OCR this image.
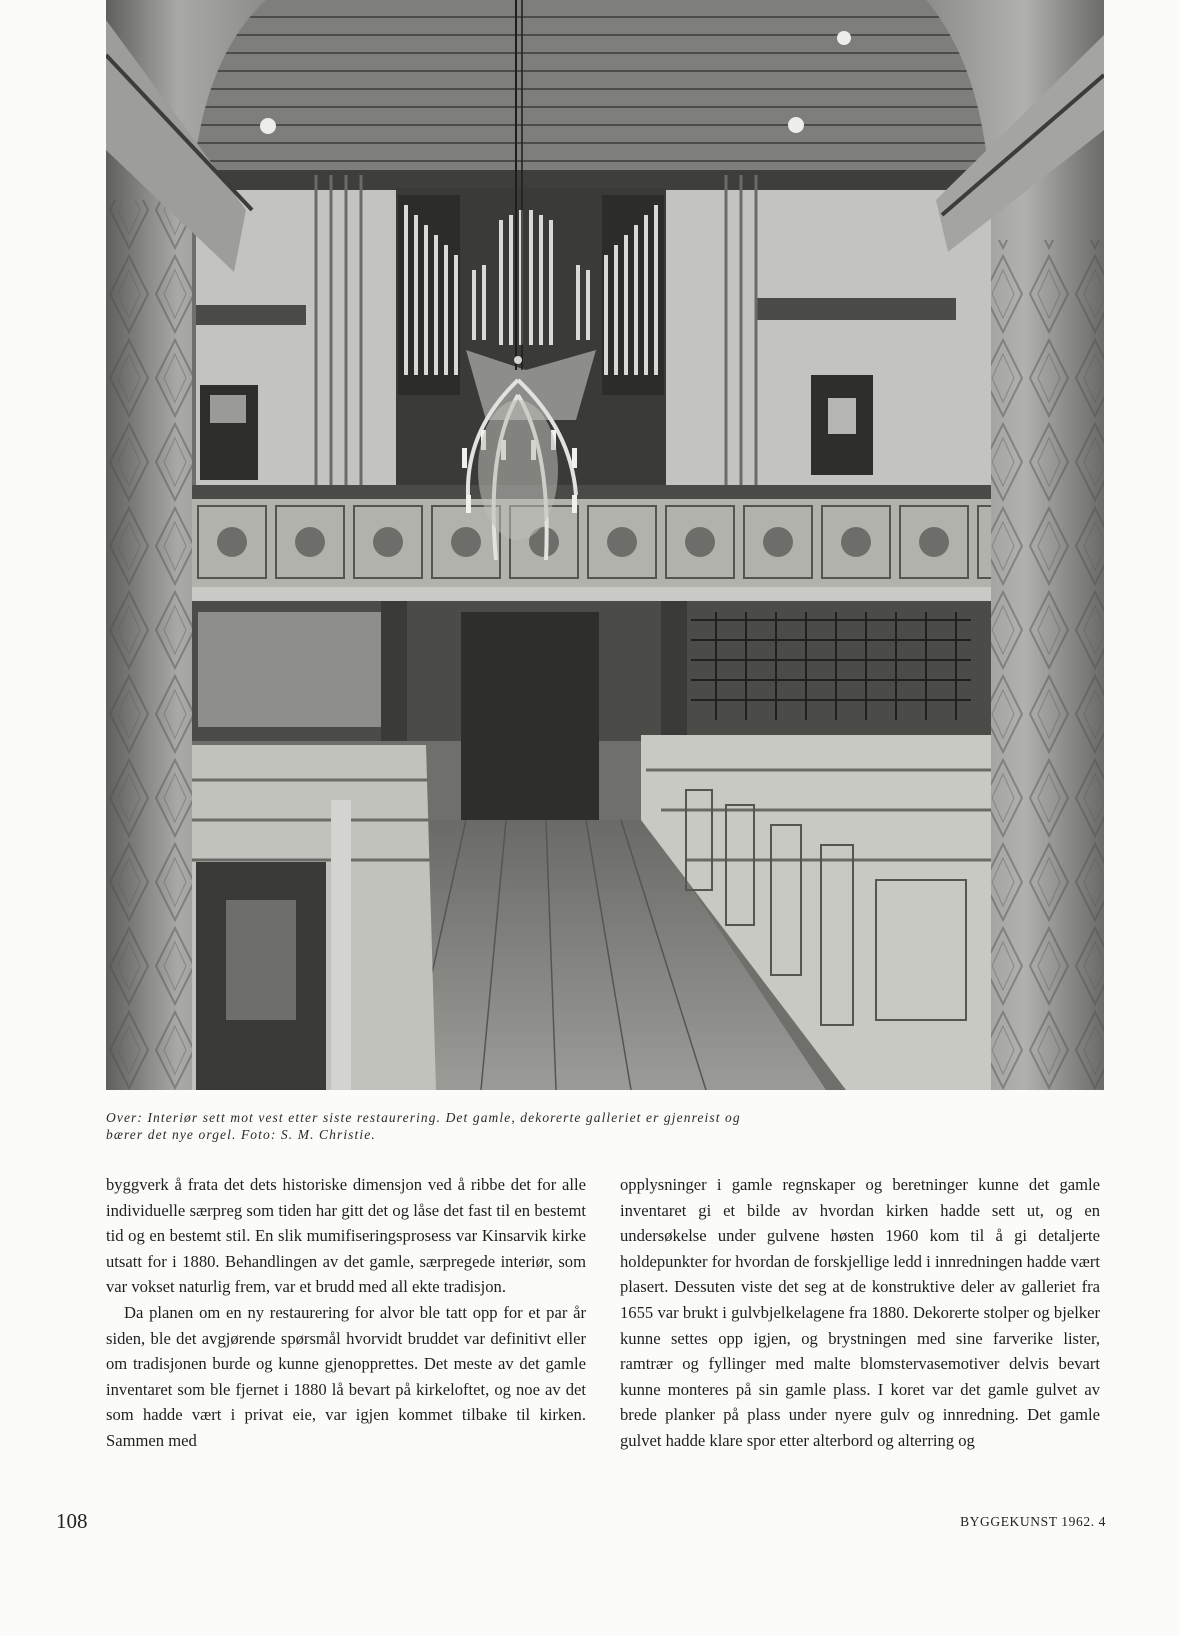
Over: Interiør sett mot vest etter siste restaurering. Det gamle, dekorerte galleriet er gjenreist og
bærer det nye orgel. Foto: S. M. Christie.

byggverk å frata det dets historiske dimensjon ved å ribbe det for alle individuelle særpreg som tiden har gitt det og låse det fast til en bestemt tid og en bestemt stil. En slik mumifiseringsprosess var Kinsarvik kirke utsatt for i 1880. Behandlingen av det gamle, særpregede interiør, som var vokset naturlig frem, var et brudd med all ekte tradisjon.

Da planen om en ny restaurering for alvor ble tatt opp for et par år siden, ble det avgjørende spørsmål hvorvidt bruddet var definitivt eller om tradisjonen burde og kunne gjenopprettes. Det meste av det gamle inventaret som ble fjernet i 1880 lå bevart på kirkeloftet, og noe av det som hadde vært i privat eie, var igjen kommet tilbake til kirken. Sammen med

opplysninger i gamle regnskaper og beretninger kunne det gamle inventaret gi et bilde av hvordan kirken hadde sett ut, og en undersøkelse under gulvene høsten 1960 kom til å gi detaljerte holdepunkter for hvordan de forskjellige ledd i innredningen hadde vært plasert. Dessuten viste det seg at de konstruktive deler av galleriet fra 1655 var brukt i gulvbjelkelagene fra 1880. Dekorerte stolper og bjelker kunne settes opp igjen, og brystningen med sine farverike lister, ramtrær og fyllinger med malte blomstervasemotiver delvis bevart kunne monteres på sin gamle plass. I koret var det gamle gulvet av brede planker på plass under nyere gulv og innredning. Det gamle gulvet hadde klare spor etter alterbord og alterring og

108	BYGGEKUNST 1962. 4
